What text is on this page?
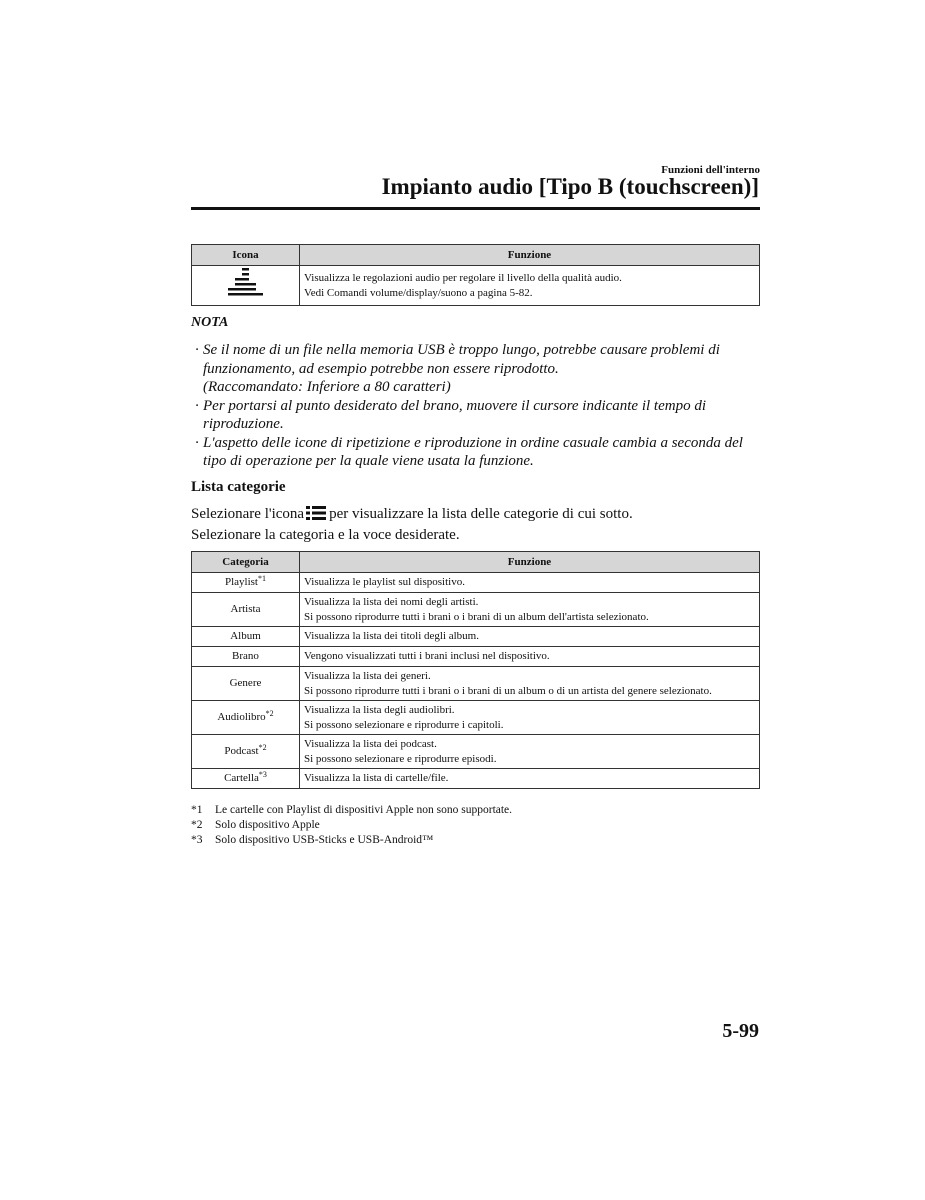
Funzioni dell'interno
Impianto audio [Tipo B (touchscreen)]
Icona	Funzione

Visualizza le regolazioni audio per regolare il livello della qualità audio.
Vedi Comandi volume/display/suono a pagina 5-82.
NOTA
· Se il nome di un file nella memoria USB è troppo lungo, potrebbe causare problemi di funzionamento, ad esempio potrebbe non essere riprodotto.
(Raccomandato: Inferiore a 80 caratteri)
· Per portarsi al punto desiderato del brano, muovere il cursore indicante il tempo di riproduzione.
· L'aspetto delle icone di ripetizione e riproduzione in ordine casuale cambia a seconda del tipo di operazione per la quale viene usata la funzione.
Lista categorie
Selezionare l'icona per visualizzare la lista delle categorie di cui sotto.
Selezionare la categoria e la voce desiderate.
Categoria	Funzione
Playlist$^{*1}$	Visualizza le playlist sul dispositivo.

Artista	Visualizza la lista dei nomi degli artisti.
Si possono riprodurre tutti i brani o i brani di un album dell'artista selezionato.

Album	Visualizza la lista dei titoli degli album.

Brano	Vengono visualizzati tutti i brani inclusi nel dispositivo.

Genere	Visualizza la lista dei generi.
Si possono riprodurre tutti i brani o i brani di un album o di un artista del genere selezionato.

Audiolibro$^{*2}$	Visualizza la lista degli audiolibri.
Si possono selezionare e riprodurre i capitoli.

Podcast$^{*2}$	Visualizza la lista dei podcast.
Si possono selezionare e riprodurre episodi.

Cartella$^{*3}$	Visualizza la lista di cartelle/file.
*1	Le cartelle con Playlist di dispositivi Apple non sono supportate.
*2	Solo dispositivo Apple
*3	Solo dispositivo USB-Sticks e USB-Android™
5-99
